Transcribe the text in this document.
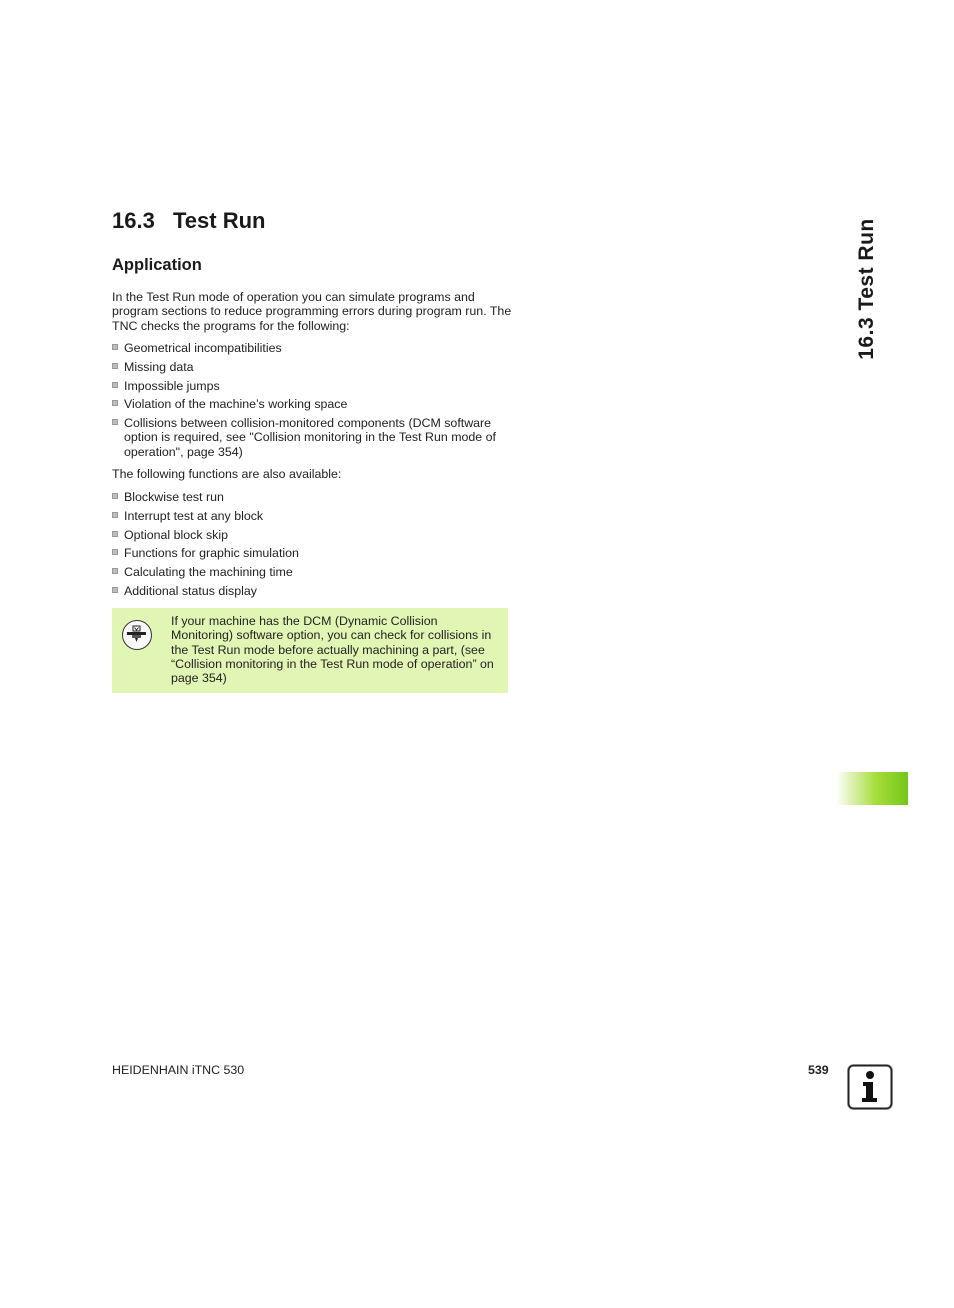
16.3 Test Run
Application

In the Test Run mode of operation you can simulate programs and program sections to reduce programming errors during program run. The TNC checks the programs for the following:

Geometrical incompatibilities
Missing data
Impossible jumps
Violation of the machine’s working space
Collisions between collision-monitored components (DCM software option is required, see "Collision monitoring in the Test Run mode of operation", page 354)

The following functions are also available:

Blockwise test run
Interrupt test at any block
Optional block skip
Functions for graphic simulation
Calculating the machining time
Additional status display

If your machine has the DCM (Dynamic Collision Monitoring) software option, you can check for collisions in the Test Run mode before actually machining a part, (see “Collision monitoring in the Test Run mode of operation” on page 354)

16.3 Test Run
HEIDENHAIN iTNC 530	539
